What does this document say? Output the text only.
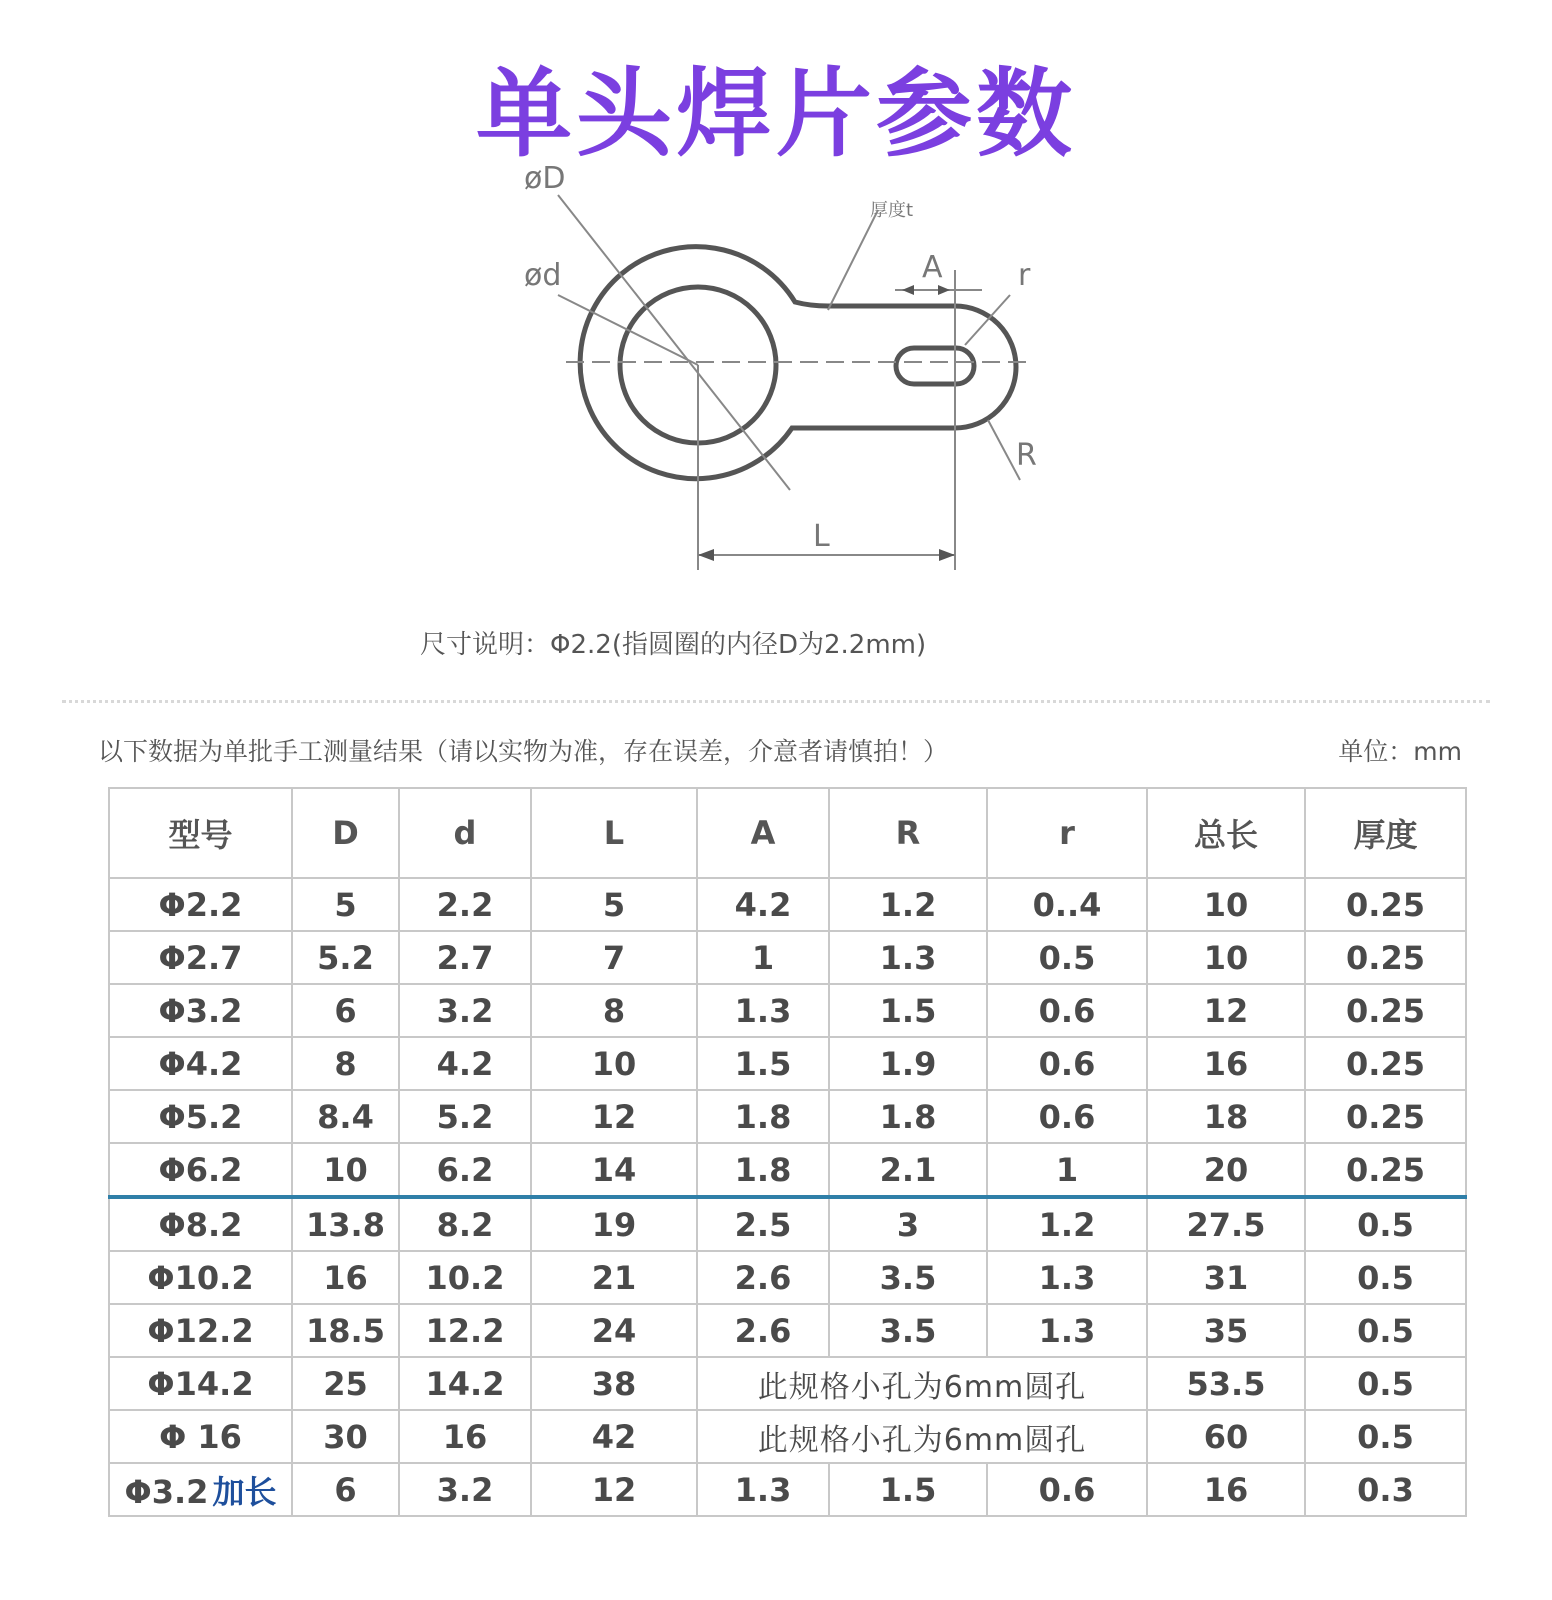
单头焊片参数
øD
ød
厚度t
A	r
R
L
尺寸说明：Φ2.2(指圆圈的内径D为2.2mm)
以下数据为单批手工测量结果（请以实物为准，存在误差，介意者请慎拍！）	单位：mm
型号	D	d	L	A	R	r	总长	厚度
Φ2.2	5	2.2	5	4.2	1.2	0..4	10	0.25
Φ2.7	5.2	2.7	7	1	1.3	0.5	10	0.25
Φ3.2	6	3.2	8	1.3	1.5	0.6	12	0.25
Φ4.2	8	4.2	10	1.5	1.9	0.6	16	0.25
Φ5.2	8.4	5.2	12	1.8	1.8	0.6	18	0.25
Φ6.2	10	6.2	14	1.8	2.1	1	20	0.25
Φ8.2	13.8	8.2	19	2.5	3	1.2	27.5	0.5
Φ10.2	16	10.2	21	2.6	3.5	1.3	31	0.5
Φ12.2	18.5	12.2	24	2.6	3.5	1.3	35	0.5
Φ14.2	25	14.2	38	此规格小孔为6mm圆孔			53.5	0.5
Φ 16	30	16	42	此规格小孔为6mm圆孔			60	0.5
Φ3.2 加长	6	3.2	12	1.3	1.5	0.6	16	0.3
